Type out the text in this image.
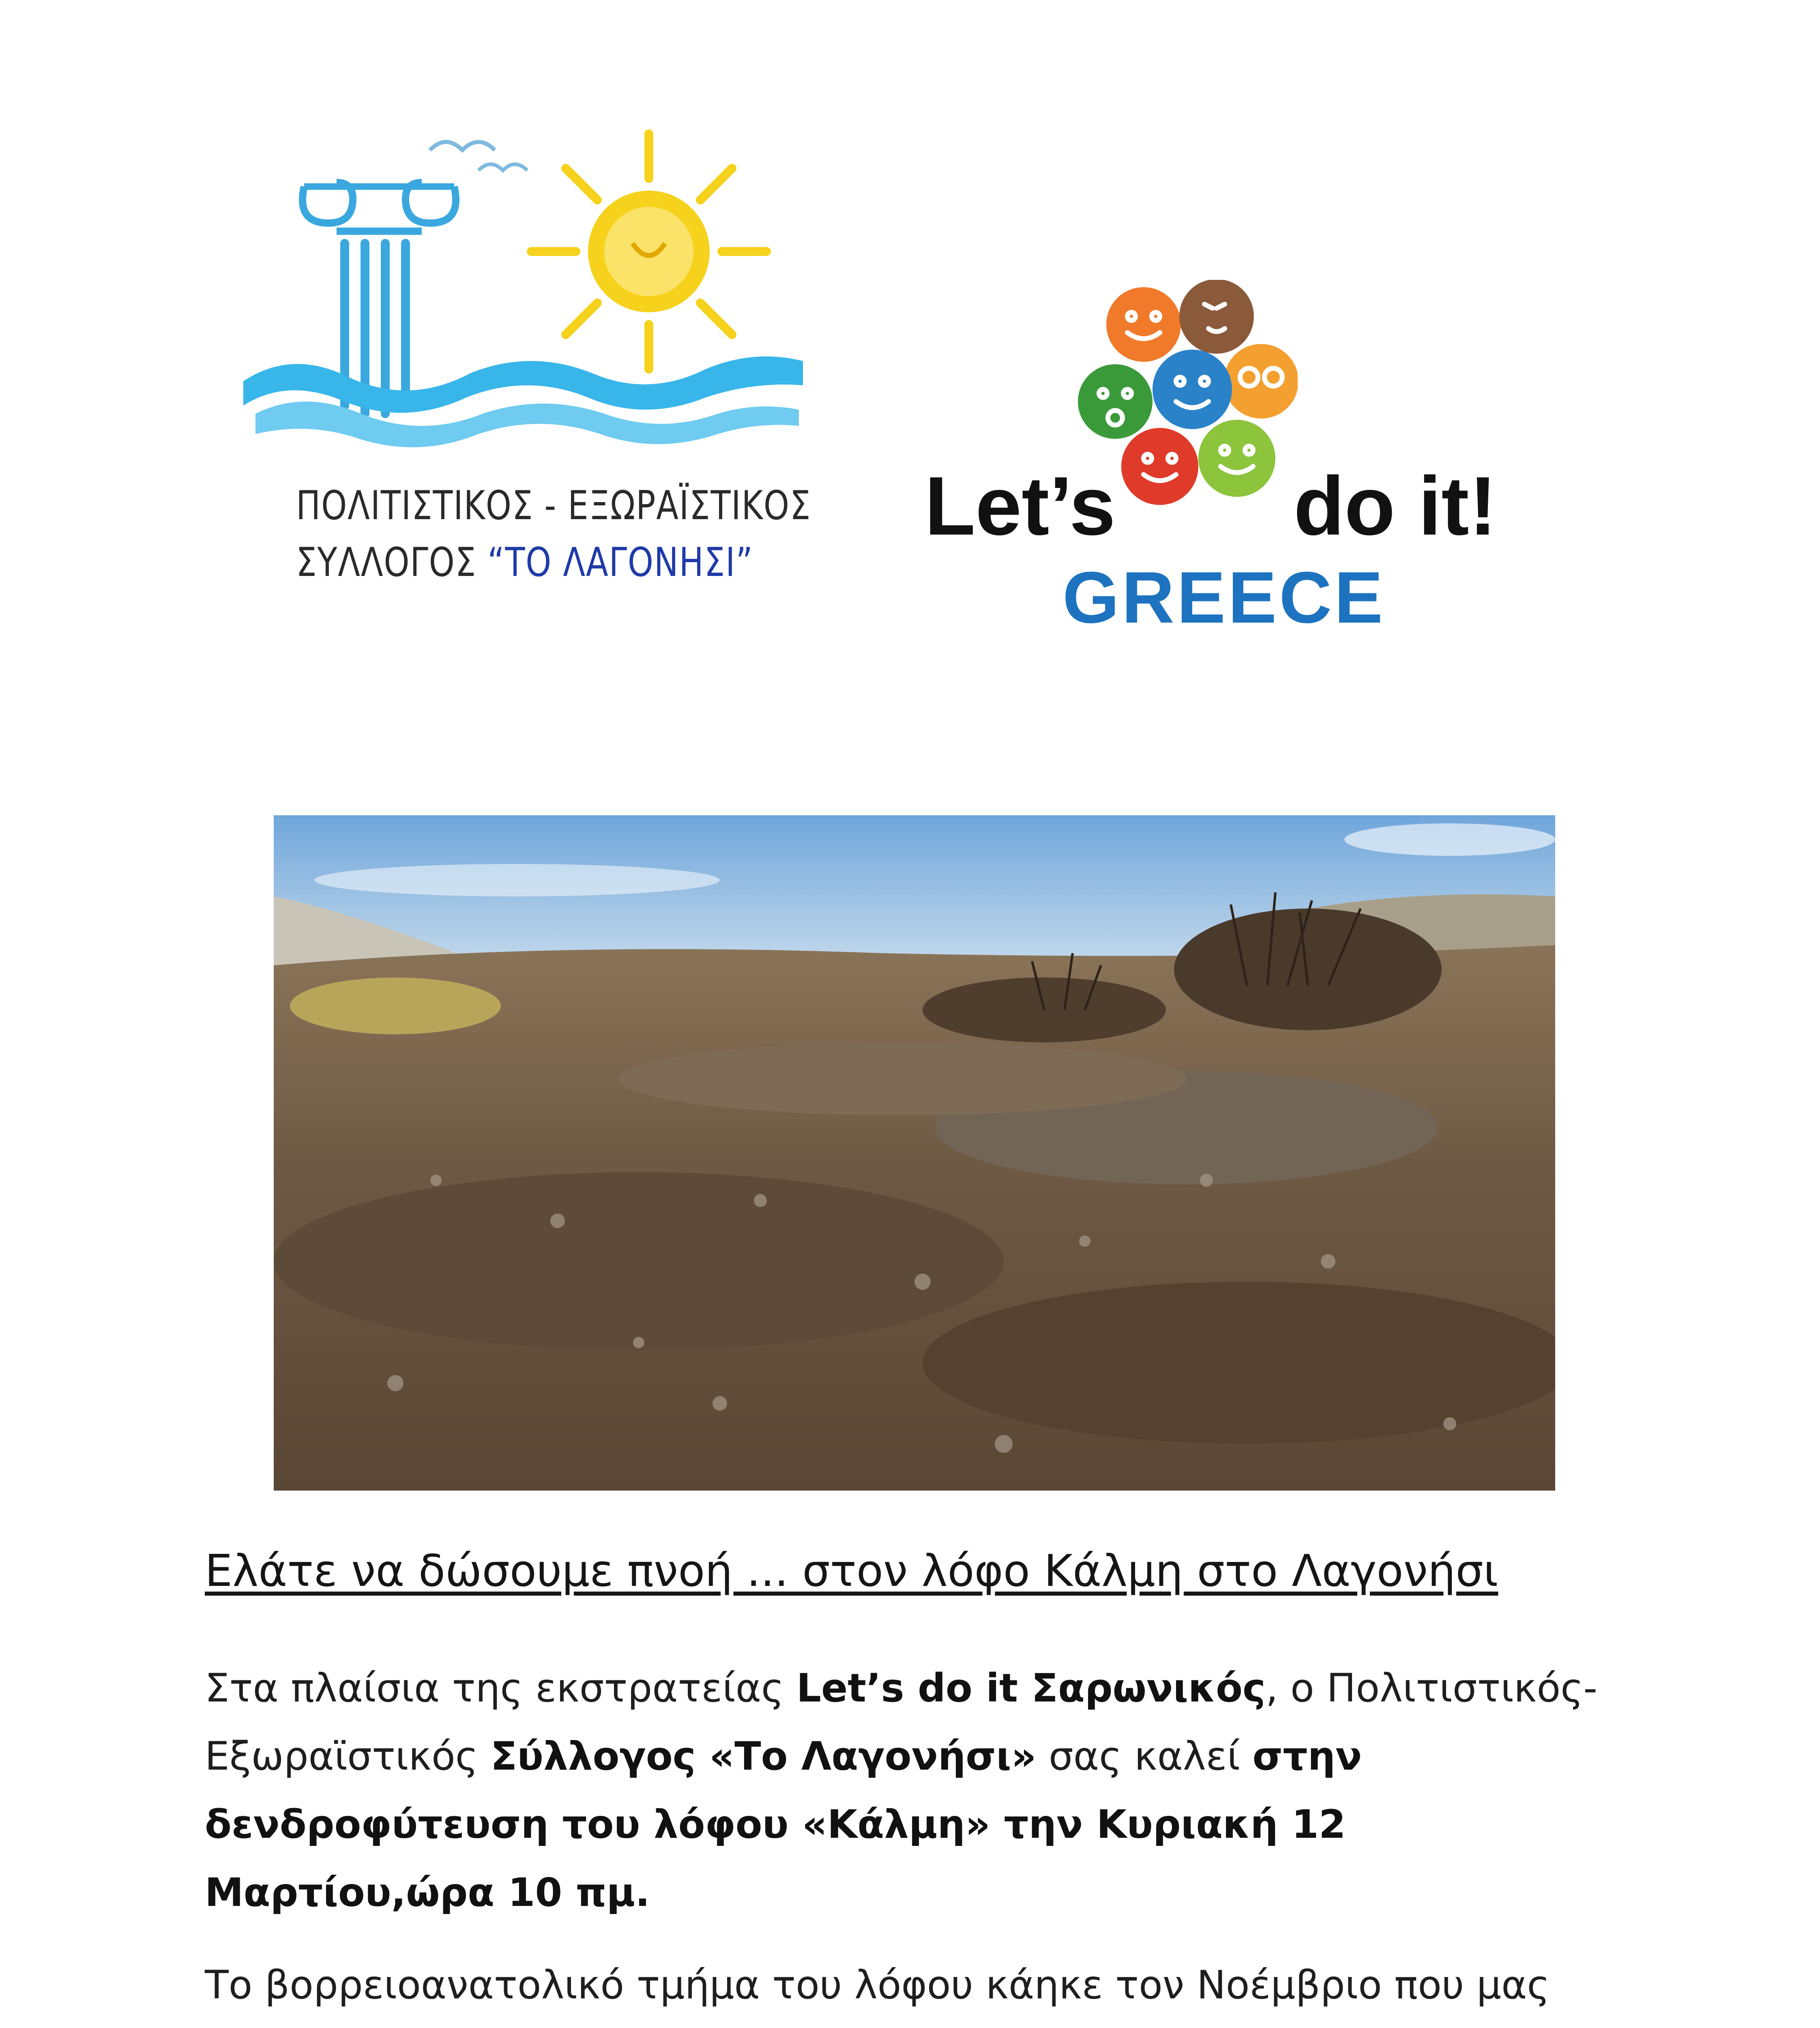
ΠΟΛΙΤΙΣΤΙΚΟΣ - ΕΞΩΡΑΪΣΤΙΚΟΣ
ΣΥΛΛΟΓΟΣ “ΤΟ ΛΑΓΟΝΗΣΙ”
Let’s do it!
GREECE
Ελάτε να δώσουμε πνοή ... στον λόφο Κάλμη στο Λαγονήσι

Στα πλαίσια της εκστρατείας Let’s do it Σαρωνικός, ο Πολιτιστικός-Εξωραϊστικός Σύλλογος «Το Λαγονήσι» σας καλεί στην δενδροφύτευση του λόφου «Κάλμη» την Κυριακή 12 Μαρτίου,ώρα 10 πμ.

Το βορρειοανατολικό τμήμα του λόφου κάηκε τον Νοέμβριο που μας
